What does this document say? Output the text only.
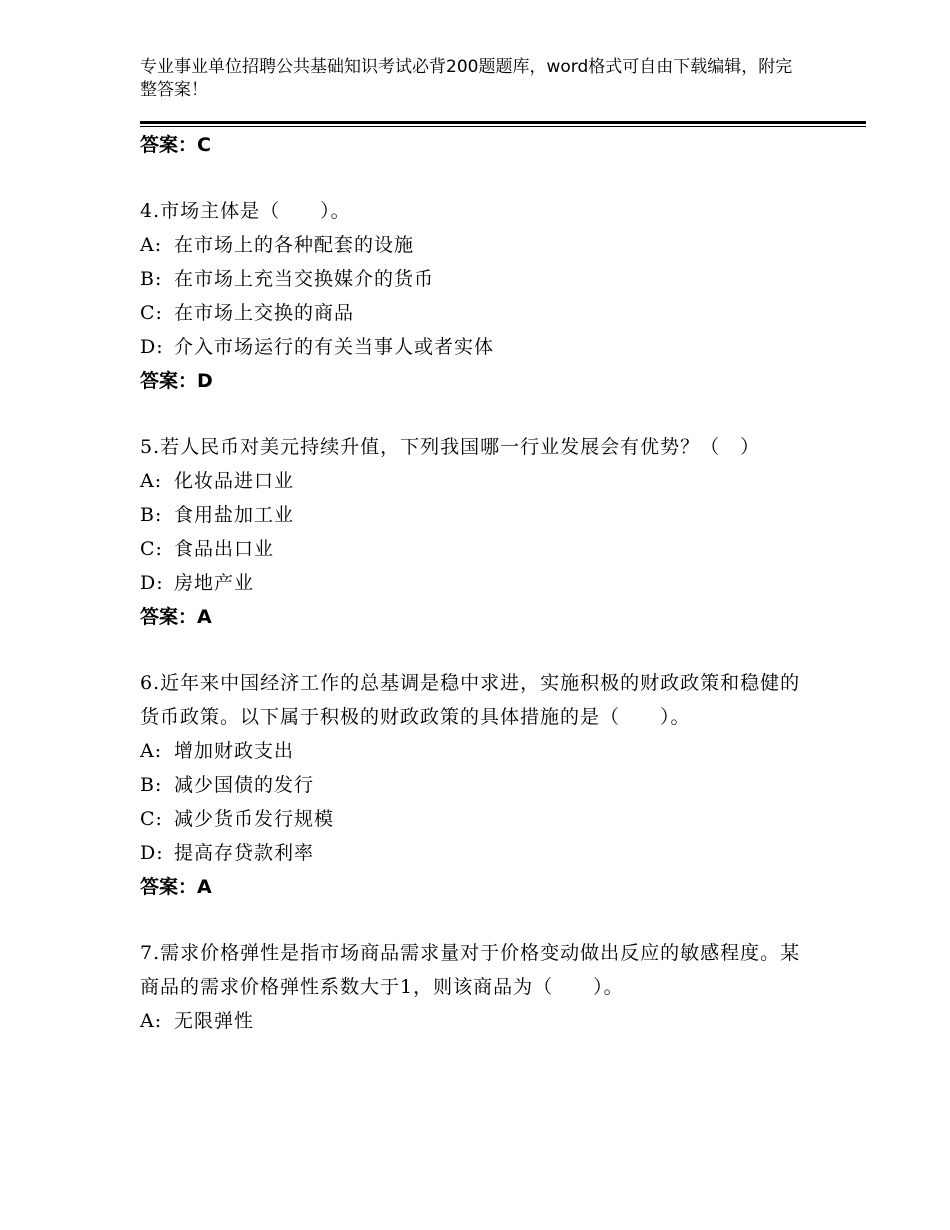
专业事业单位招聘公共基础知识考试必背200题题库，word格式可自由下载编辑，附完整答案！
答案：C
4.市场主体是（　　）。
A: 在市场上的各种配套的设施
B: 在市场上充当交换媒介的货币
C: 在市场上交换的商品
D: 介入市场运行的有关当事人或者实体
答案：D
5.若人民币对美元持续升值，下列我国哪一行业发展会有优势？（　）
A: 化妆品进口业
B: 食用盐加工业
C: 食品出口业
D: 房地产业
答案：A
6.近年来中国经济工作的总基调是稳中求进，实施积极的财政政策和稳健的货币政策。以下属于积极的财政政策的具体措施的是（　　）。
A: 增加财政支出
B: 减少国债的发行
C: 减少货币发行规模
D: 提高存贷款利率
答案：A
7.需求价格弹性是指市场商品需求量对于价格变动做出反应的敏感程度。某商品的需求价格弹性系数大于1，则该商品为（　　）。
A: 无限弹性
